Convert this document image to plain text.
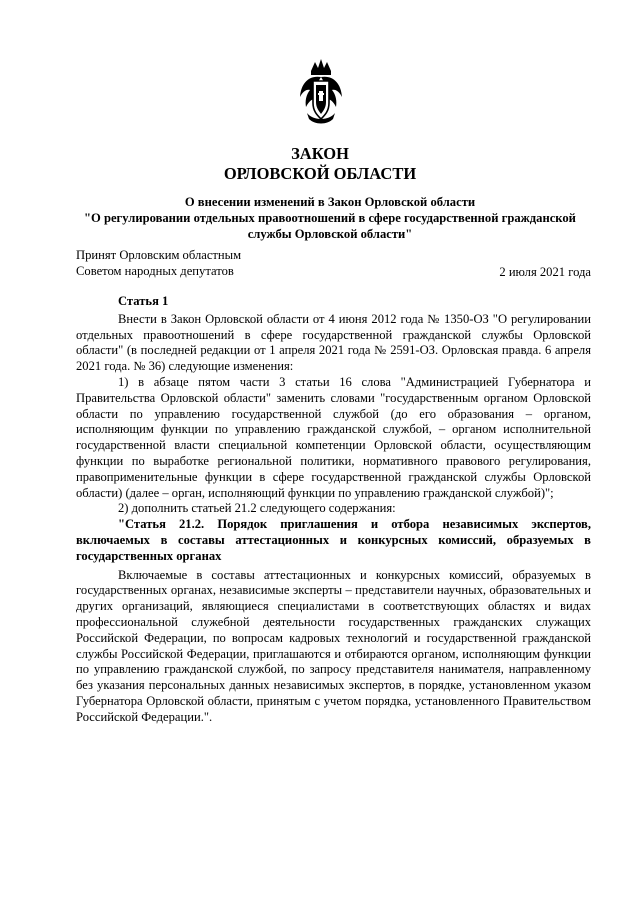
ЗАКОН
ОРЛОВСКОЙ ОБЛАСТИ
О внесении изменений в Закон Орловской области
"О регулировании отдельных правоотношений в сфере государственной гражданской службы Орловской области"
Принят Орловским областным
Советом народных депутатов	2 июля 2021 года

Статья 1

Внести в Закон Орловской области от 4 июня 2012 года № 1350-ОЗ "О регулировании отдельных правоотношений в сфере государственной гражданской службы Орловской области" (в последней редакции от 1 апреля 2021 года № 2591-ОЗ. Орловская правда. 6 апреля 2021 года. № 36) следующие изменения:

1) в абзаце пятом части 3 статьи 16 слова "Администрацией Губернатора и Правительства Орловской области" заменить словами "государственным органом Орловской области по управлению государственной службой (до его образования – органом, исполняющим функции по управлению гражданской службой, – органом исполнительной государственной власти специальной компетенции Орловской области, осуществляющим функции по выработке региональной политики, нормативного правового регулирования, правоприменительные функции в сфере государственной гражданской службы Орловской области) (далее – орган, исполняющий функции по управлению гражданской службой)";

2) дополнить статьей 21.2 следующего содержания:

"Статья 21.2. Порядок приглашения и отбора независимых экспертов, включаемых в составы аттестационных и конкурсных комиссий, образуемых в государственных органах

Включаемые в составы аттестационных и конкурсных комиссий, образуемых в государственных органах, независимые эксперты – представители научных, образовательных и других организаций, являющиеся специалистами в соответствующих областях и видах профессиональной служебной деятельности государственных гражданских служащих Российской Федерации, по вопросам кадровых технологий и государственной гражданской службы Российской Федерации, приглашаются и отбираются органом, исполняющим функции по управлению гражданской службой, по запросу представителя нанимателя, направленному без указания персональных данных независимых экспертов, в порядке, установленном указом Губернатора Орловской области, принятым с учетом порядка, установленного Правительством Российской Федерации.".
